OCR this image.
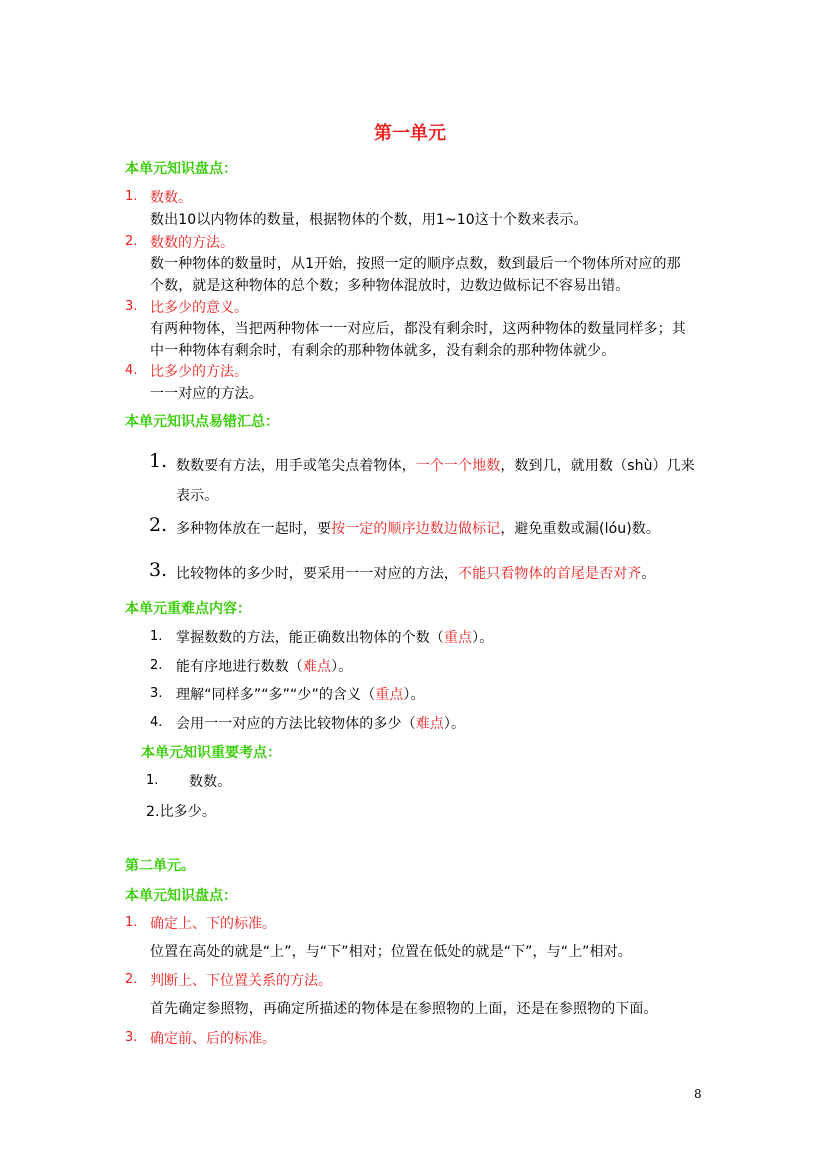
第一单元
本单元知识盘点：
1. 数数。
数出10以内物体的数量，根据物体的个数，用1~10这十个数来表示。
2. 数数的方法。
数一种物体的数量时，从1开始，按照一定的顺序点数，数到最后一个物体所对应的那
个数，就是这种物体的总个数；多种物体混放时，边数边做标记不容易出错。
3. 比多少的意义。
有两种物体，当把两种物体一一对应后，都没有剩余时，这两种物体的数量同样多；其
中一种物体有剩余时，有剩余的那种物体就多，没有剩余的那种物体就少。
4. 比多少的方法。
一一对应的方法。
本单元知识点易错汇总：
1. 数数要有方法，用手或笔尖点着物体，一个一个地数，数到几，就用数（shù）几来
表示。
2. 多种物体放在一起时，要按一定的顺序边数边做标记，避免重数或漏(lóu)数。
3. 比较物体的多少时，要采用一一对应的方法，不能只看物体的首尾是否对齐。
本单元重难点内容：
1. 掌握数数的方法，能正确数出物体的个数（重点）。
2. 能有序地进行数数（难点）。
3. 理解“同样多”“多”“少”的含义（重点）。
4. 会用一一对应的方法比较物体的多少（难点）。
本单元知识重要考点：
1. 数数。
2.比多少。
第二单元。
本单元知识盘点：
1. 确定上、下的标准。
位置在高处的就是“上”，与“下”相对；位置在低处的就是“下”，与“上”相对。
2. 判断上、下位置关系的方法。
首先确定参照物，再确定所描述的物体是在参照物的上面，还是在参照物的下面。
3. 确定前、后的标准。
8
